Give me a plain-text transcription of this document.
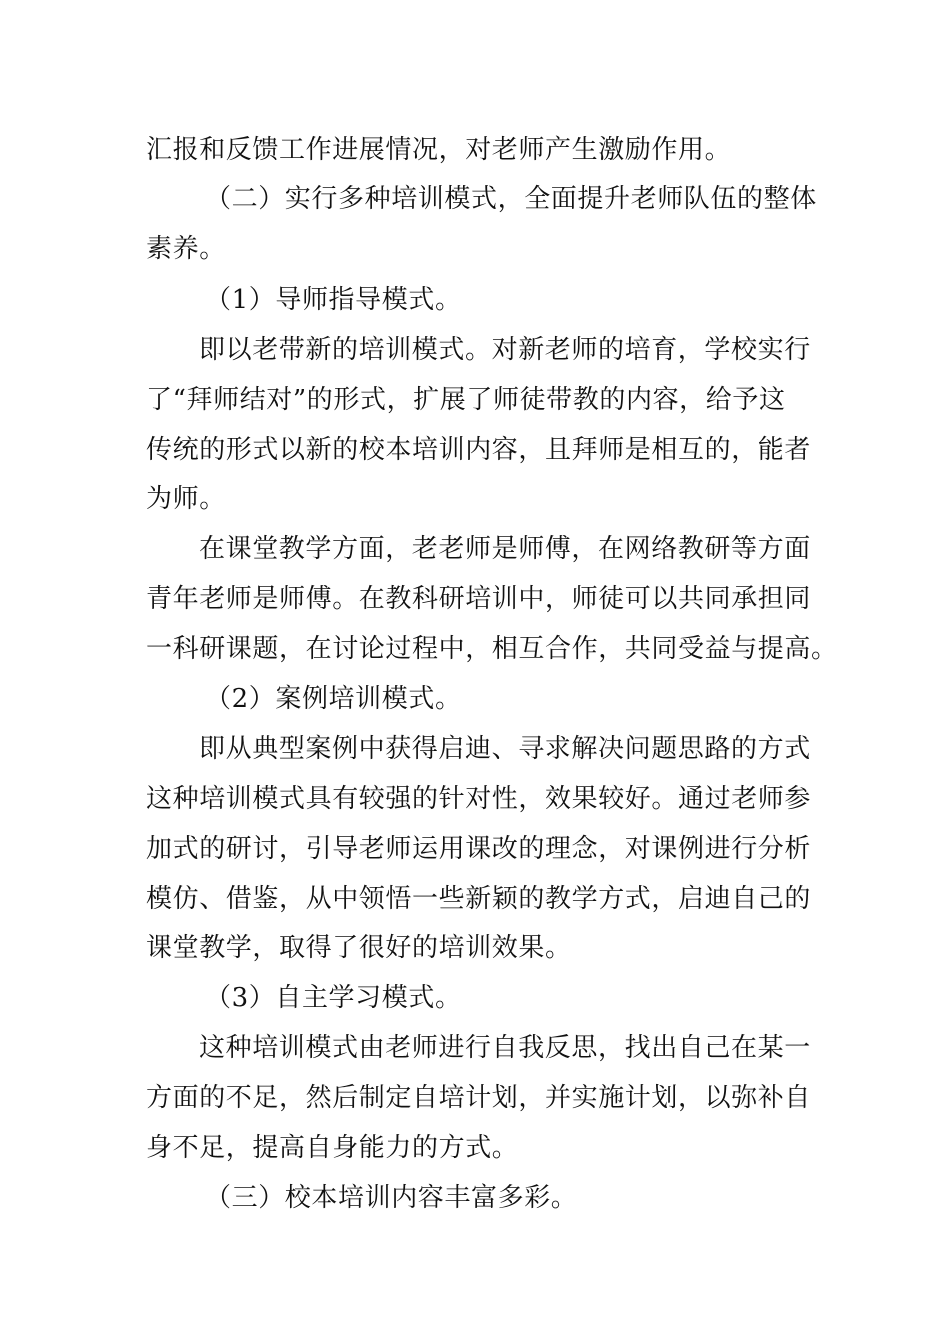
汇报和反馈工作进展情况，对老师产生激励作用。
（二）实行多种培训模式，全面提升老师队伍的整体
素养。
（1）导师指导模式。
即以老带新的培训模式。对新老师的培育，学校实行
了“拜师结对”的形式，扩展了师徒带教的内容，给予这
传统的形式以新的校本培训内容，且拜师是相互的，能者
为师。
在课堂教学方面，老老师是师傅，在网络教研等方面
青年老师是师傅。在教科研培训中，师徒可以共同承担同
一科研课题，在讨论过程中，相互合作，共同受益与提高。
（2）案例培训模式。
即从典型案例中获得启迪、寻求解决问题思路的方式
这种培训模式具有较强的针对性，效果较好。通过老师参
加式的研讨，引导老师运用课改的理念，对课例进行分析
模仿、借鉴，从中领悟一些新颖的教学方式，启迪自己的
课堂教学，取得了很好的培训效果。
（3）自主学习模式。
这种培训模式由老师进行自我反思，找出自己在某一
方面的不足，然后制定自培计划，并实施计划，以弥补自
身不足，提高自身能力的方式。
（三）校本培训内容丰富多彩。
